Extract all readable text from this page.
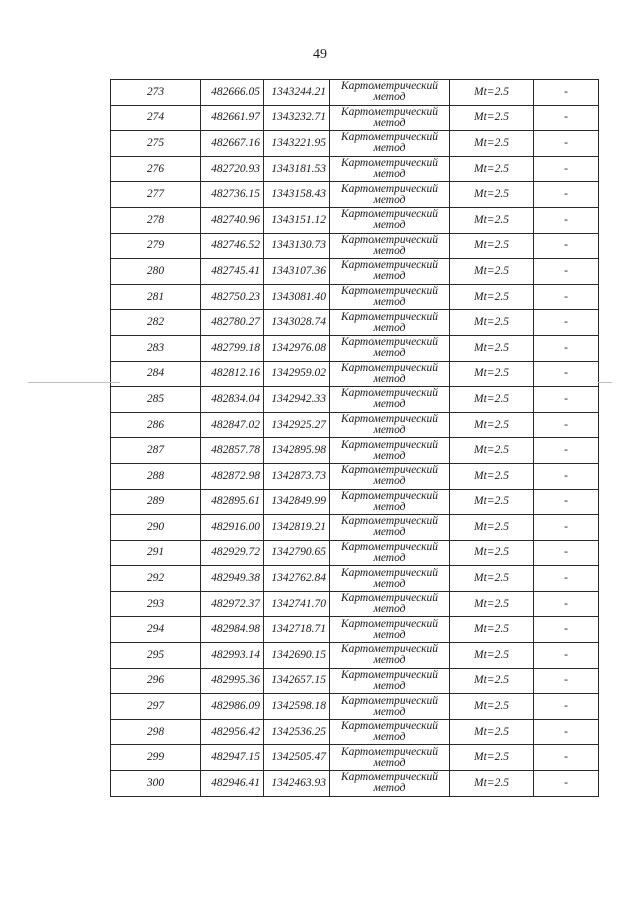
49
273	482666.05	1343244.21	Картометрический
метод	Mt=2.5	-
274	482661.97	1343232.71	Картометрический
метод	Mt=2.5	-
275	482667.16	1343221.95	Картометрический
метод	Mt=2.5	-
276	482720.93	1343181.53	Картометрический
метод	Mt=2.5	-
277	482736.15	1343158.43	Картометрический
метод	Mt=2.5	-
278	482740.96	1343151.12	Картометрический
метод	Mt=2.5	-
279	482746.52	1343130.73	Картометрический
метод	Mt=2.5	-
280	482745.41	1343107.36	Картометрический
метод	Mt=2.5	-
281	482750.23	1343081.40	Картометрический
метод	Mt=2.5	-
282	482780.27	1343028.74	Картометрический
метод	Mt=2.5	-
283	482799.18	1342976.08	Картометрический
метод	Mt=2.5	-
284	482812.16	1342959.02	Картометрический
метод	Mt=2.5	-
285	482834.04	1342942.33	Картометрический
метод	Mt=2.5	-
286	482847.02	1342925.27	Картометрический
метод	Mt=2.5	-
287	482857.78	1342895.98	Картометрический
метод	Mt=2.5	-
288	482872.98	1342873.73	Картометрический
метод	Mt=2.5	-
289	482895.61	1342849.99	Картометрический
метод	Mt=2.5	-
290	482916.00	1342819.21	Картометрический
метод	Mt=2.5	-
291	482929.72	1342790.65	Картометрический
метод	Mt=2.5	-
292	482949.38	1342762.84	Картометрический
метод	Mt=2.5	-
293	482972.37	1342741.70	Картометрический
метод	Mt=2.5	-
294	482984.98	1342718.71	Картометрический
метод	Mt=2.5	-
295	482993.14	1342690.15	Картометрический
метод	Mt=2.5	-
296	482995.36	1342657.15	Картометрический
метод	Mt=2.5	-
297	482986.09	1342598.18	Картометрический
метод	Mt=2.5	-
298	482956.42	1342536.25	Картометрический
метод	Mt=2.5	-
299	482947.15	1342505.47	Картометрический
метод	Mt=2.5	-
300	482946.41	1342463.93	Картометрический
метод	Mt=2.5	-
